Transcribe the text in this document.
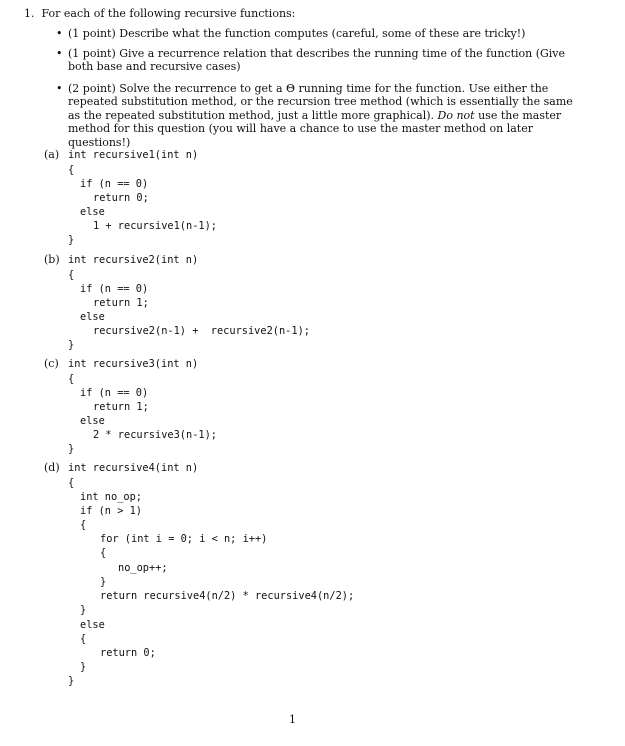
1. For each of the following recursive functions:
• (1 point) Describe what the function computes (careful, some of these are tricky!)
• (1 point) Give a recurrence relation that describes the running time of the function (Give both base and recursive cases)
• (2 point) Solve the recurrence to get a Θ running time for the function. Use either the repeated substitution method, or the recursion tree method (which is essentially the same as the repeated substitution method, just a little more graphical). Do not use the master method for this question (you will have a chance to use the master method on later questions!)
(a) int recursive1(int n)
{
if (n == 0)
return 0;
else
1 + recursive1(n-1);
}
(b) int recursive2(int n)
{
if (n == 0)
return 1;
else
recursive2(n-1) +  recursive2(n-1);
}
(c) int recursive3(int n)
{
if (n == 0)
return 1;
else
2 * recursive3(n-1);
}
(d) int recursive4(int n)
{
int no_op;
if (n > 1)
{
for (int i = 0; i < n; i++)
{
no_op++;
}
return recursive4(n/2) * recursive4(n/2);
}
else
{
return 0;
}
}
1
